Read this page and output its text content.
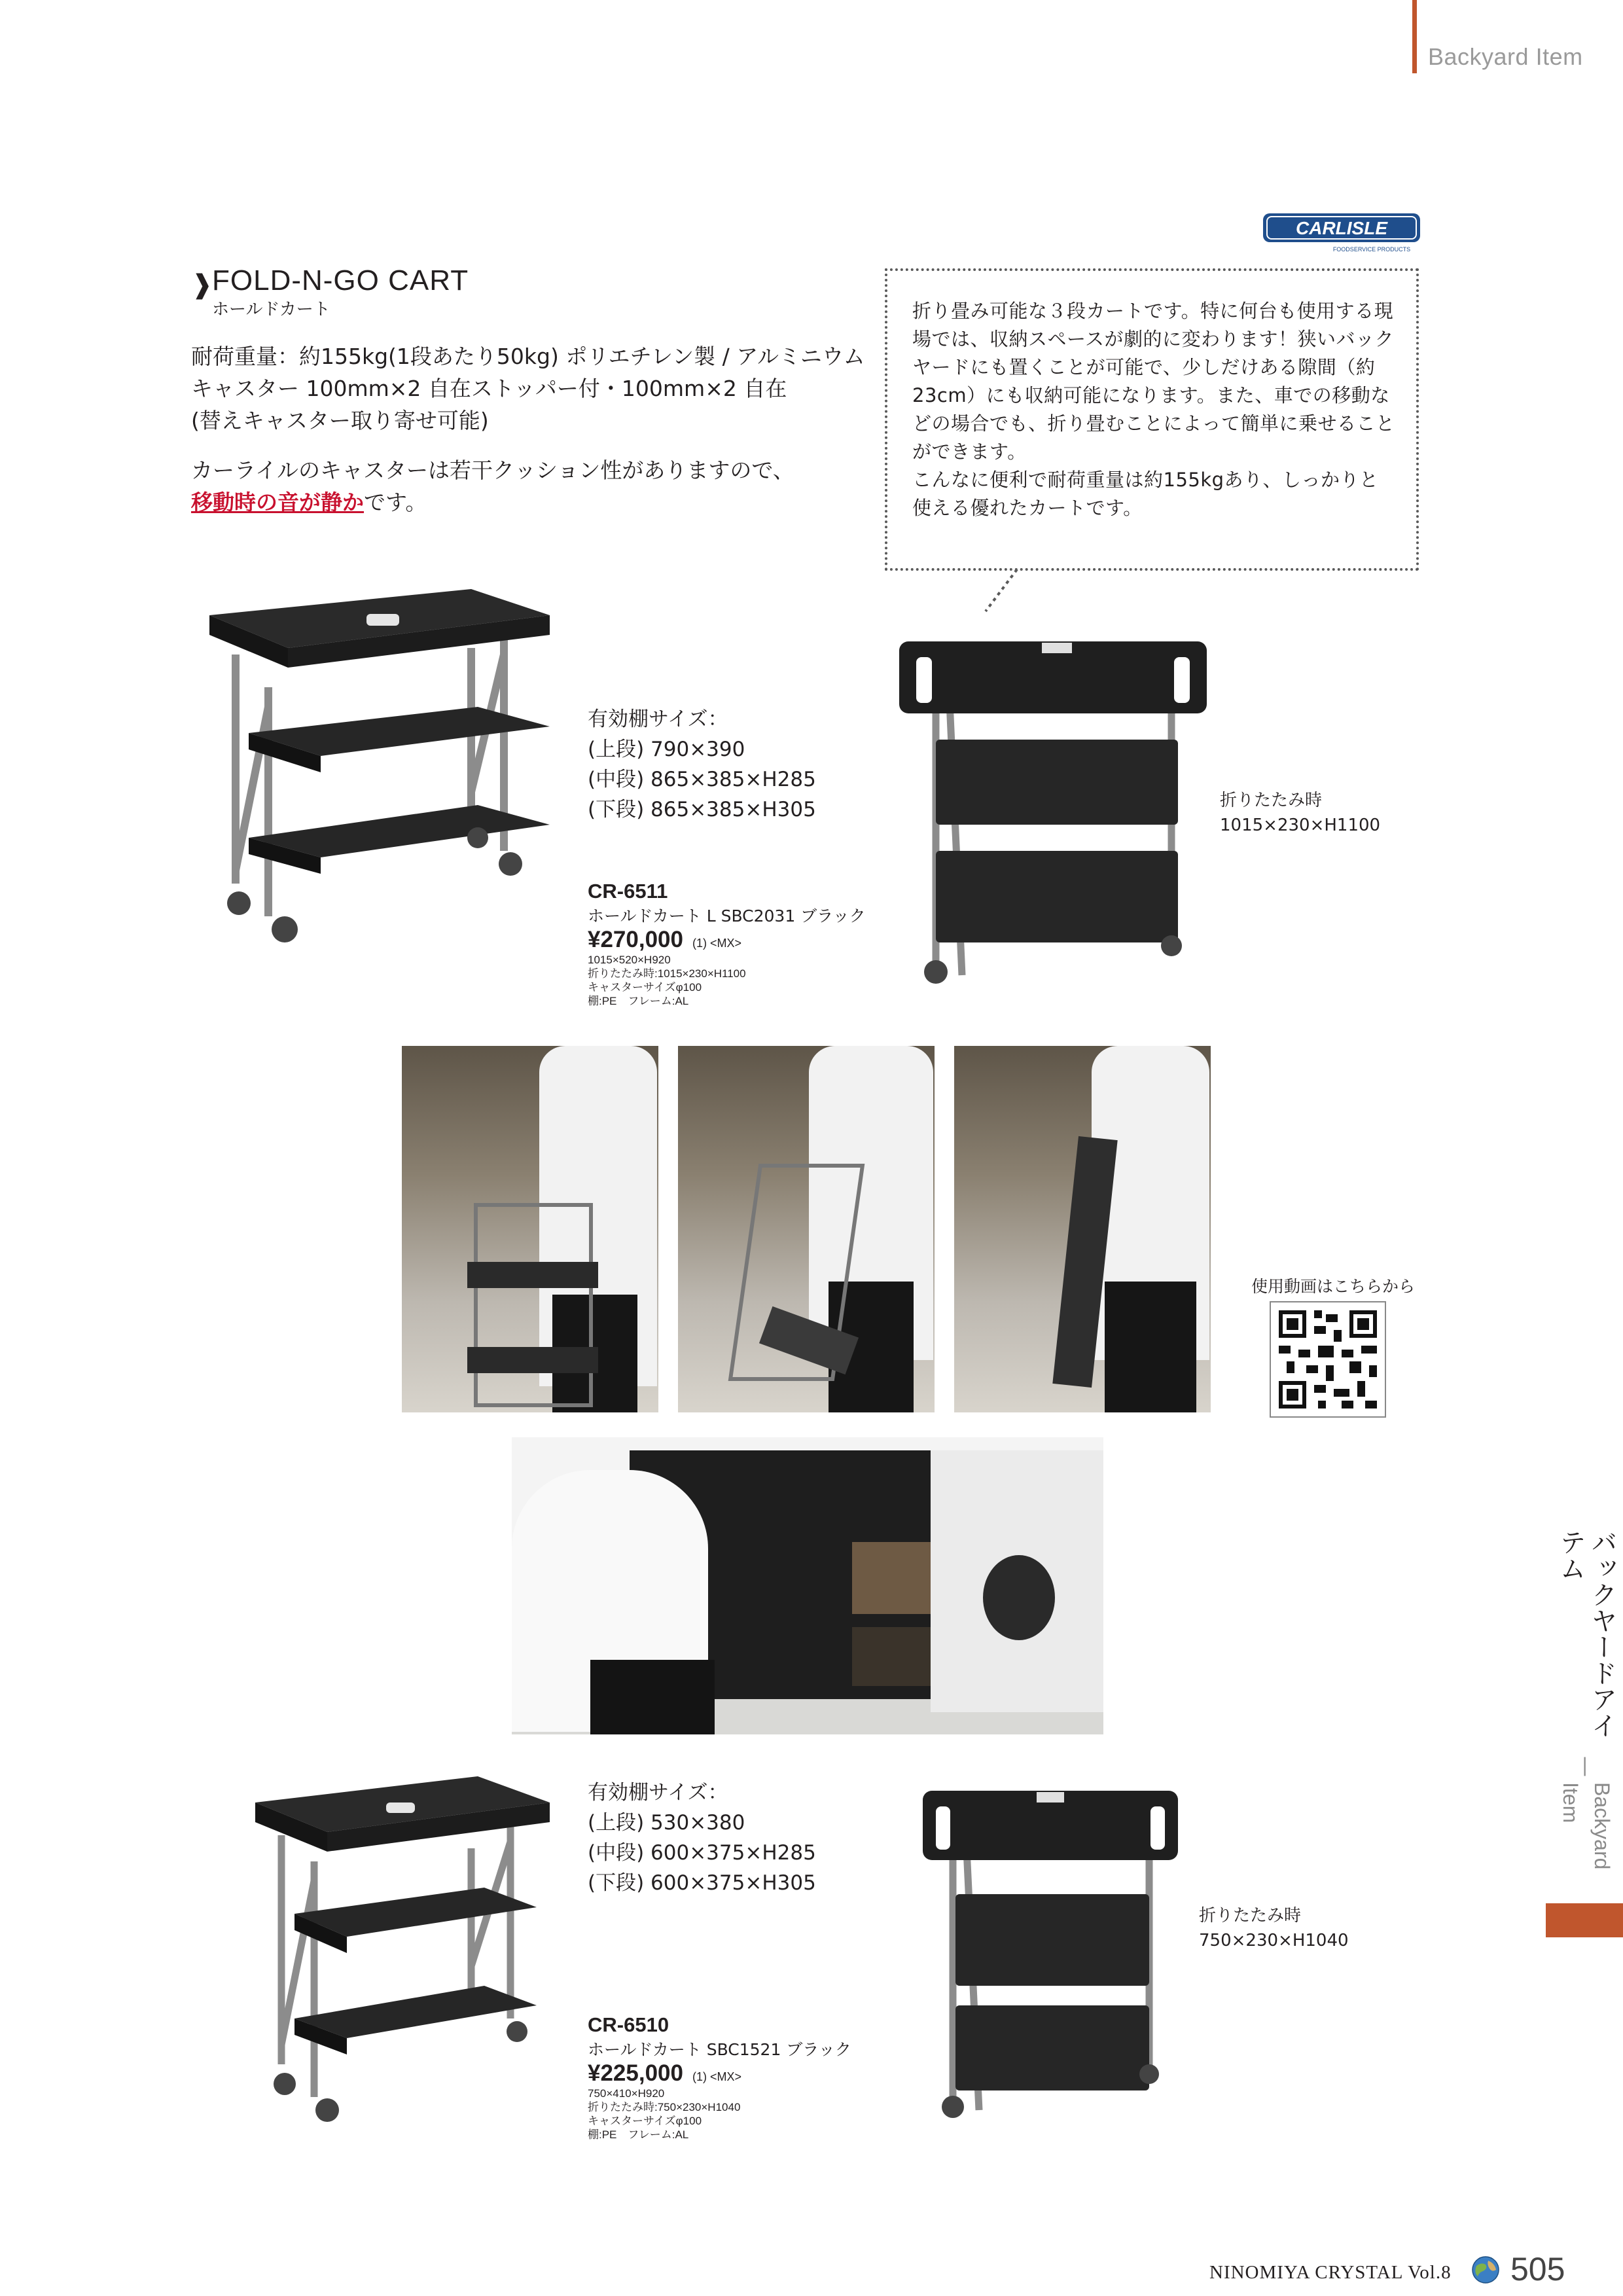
Backyard Item
CARLISLE
FOODSERVICE PRODUCTS
❱
FOLD-N-GO CART
ホールドカート
耐荷重量：約155kg(1段あたり50kg) ポリエチレン製 / アルミニウム
キャスター 100mm×2 自在ストッパー付・100mm×2 自在
(替えキャスター取り寄せ可能)
カーライルのキャスターは若干クッション性がありますので、
移動時の音が静かです。
折り畳み可能な３段カートです。特に何台も使用する現場では、収納スペースが劇的に変わります！狭いバックヤードにも置くことが可能で、少しだけある隙間（約23cm）にも収納可能になります。また、車での移動などの場合でも、折り畳むことによって簡単に乗せることができます。
こんなに便利で耐荷重量は約155kgあり、しっかりと使える優れたカートです。
有効棚サイズ：
(上段) 790×390
(中段) 865×385×H285
(下段) 865×385×H305
CR-6511
ホールドカート L SBC2031 ブラック
¥270,000 (1) <MX>
1015×520×H920
折りたたみ時:1015×230×H1100
キャスターサイズφ100
棚:PE　フレーム:AL
折りたたみ時
1015×230×H1100
使用動画はこちらから
有効棚サイズ：
(上段) 530×380
(中段) 600×375×H285
(下段) 600×375×H305
CR-6510
ホールドカート SBC1521 ブラック
¥225,000 (1) <MX>
750×410×H920
折りたたみ時:750×230×H1040
キャスターサイズφ100
棚:PE　フレーム:AL
折りたたみ時
750×230×H1040
バックヤードアイテム
—
Backyard Item
NINOMIYA CRYSTAL Vol.8 505
